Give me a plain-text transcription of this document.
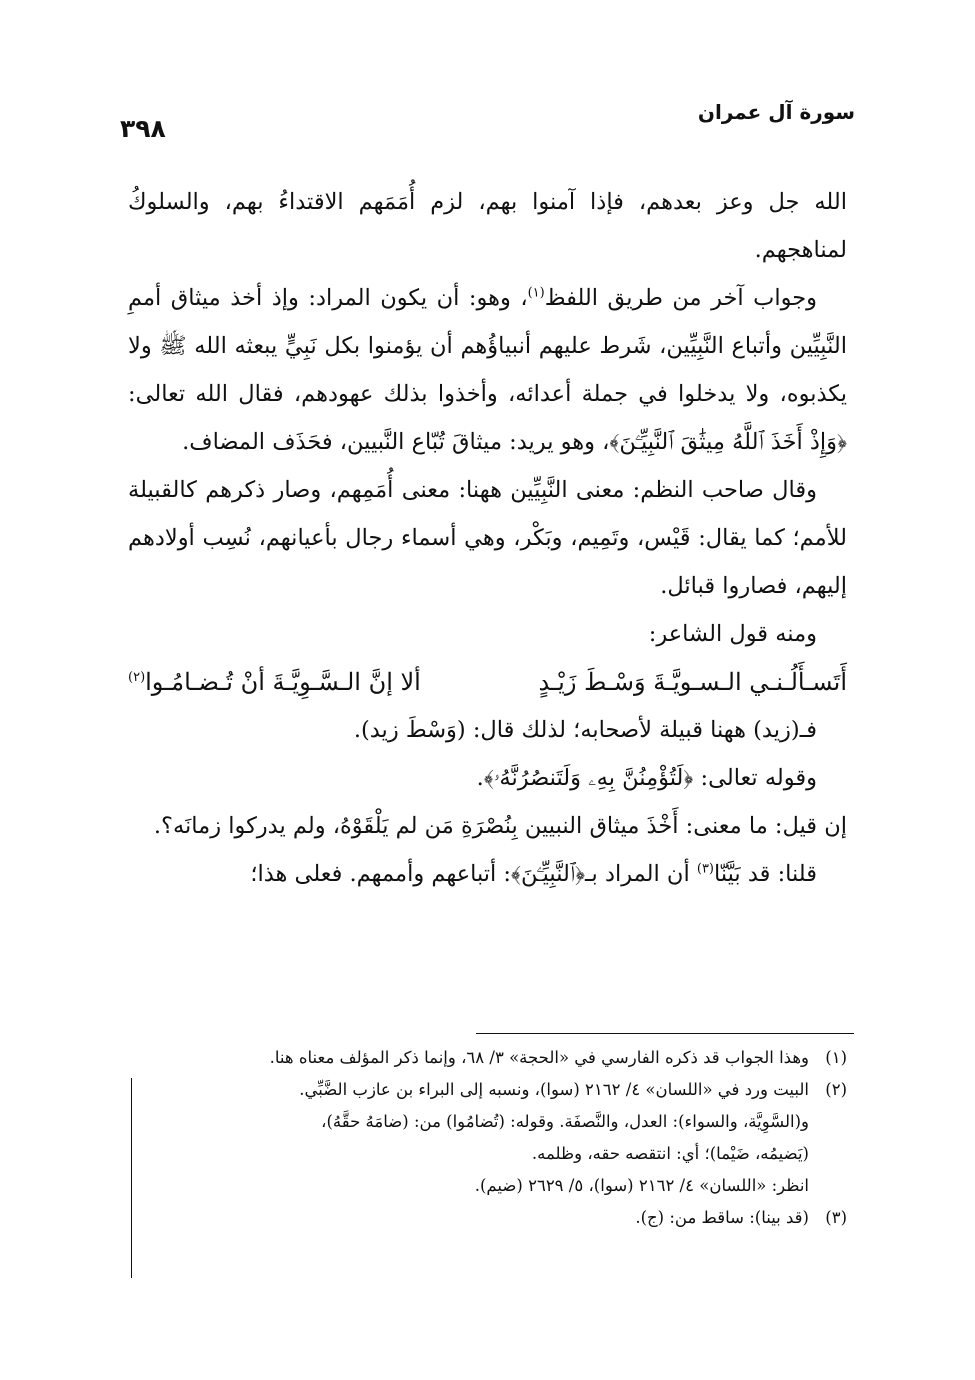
سورة آل عمران
٣٩٨

الله جل وعز بعدهم، فإذا آمنوا بهم، لزم أُمَمَهم الاقتداءُ بهم، والسلوكُ لمناهجهم.

وجواب آخر من طريق اللفظ$^{(١)}$، وهو: أن يكون المراد: وإذ أخذ ميثاق أممِ النَّبِيِّين وأتباع النَّبِيِّين، شَرط عليهم أنبياؤُهم أن يؤمنوا بكل نَبِيٍّ يبعثه الله ﷺ ولا يكذبوه، ولا يدخلوا في جملة أعدائه، وأخذوا بذلك عهودهم، فقال الله تعالى: ﴿وَإِذْ أَخَذَ ٱللَّهُ مِيثَٰقَ ٱلنَّبِيِّـۧنَ﴾، وهو يريد: ميثاقَ تُبّاع النَّبيين، فحَذَف المضاف.

وقال صاحب النظم: معنى النَّبِيِّين ههنا: معنى أُمَمِهم، وصار ذكرهم كالقبيلة للأمم؛ كما يقال: قَيْس، وتَمِيم، وبَكْر، وهي أسماء رجال بأعيانهم، نُسِب أولادهم إليهم، فصاروا قبائل.

ومنه قول الشاعر:

أَتَسـأَلُـنـي الـسـويَّـةَ وَسْـطَ زَيْـدٍ
ألا إنَّ الـسَّـوِيَّـةَ أنْ تُـضـامُـوا$^{(٢)}$

فـ(زيد) ههنا قبيلة لأصحابه؛ لذلك قال: (وَسْطَ زيد).

وقوله تعالى: ﴿لَتُؤْمِنُنَّ بِهِۦ وَلَتَنصُرُنَّهُۥ﴾.

إن قيل: ما معنى: أَخْذَ ميثاق النبيين بِنُصْرَةِ مَن لم يَلْقَوْهُ، ولم يدركوا زمانَه؟.

قلنا: قد بَيَّنّا$^{(٣)}$ أن المراد بـ﴿ٱلنَّبِيِّـۧنَ﴾: أتباعهم وأممهم. فعلى هذا؛

(١)وهذا الجواب قد ذكره الفارسي في «الحجة» ٣/ ٦٨، وإنما ذكر المؤلف معناه هنا.

(٢)البيت ورد في «اللسان» ٤/ ٢١٦٢ (سوا)، ونسبه إلى البراء بن عازب الضَّبِّي.

و(السَّوِيَّة، والسواء): العدل، والنَّصفَة. وقوله: (تُضامُوا) من: (ضامَهُ حقَّهُ)،

(يَضيمُه، ضَيْما)؛ أي: انتقصه حقه، وظلمه.

انظر: «اللسان» ٤/ ٢١٦٢ (سوا)، ٥/ ٢٦٢٩ (ضيم).

(٣)(قد بينا): ساقط من: (ج).
